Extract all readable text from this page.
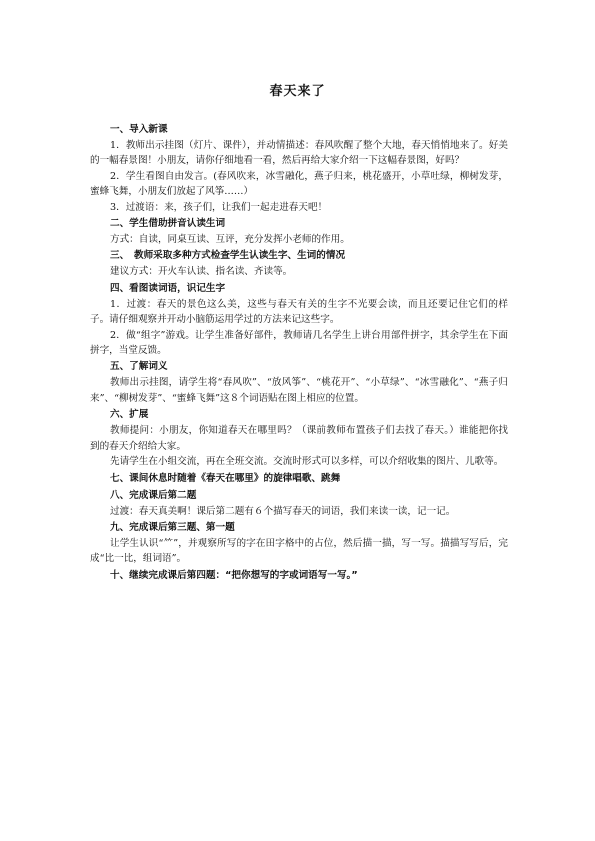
春天来了
一、导入新课
1．教师出示挂图（灯片、课件），并动情描述：春风吹醒了整个大地，春天悄悄地来了。好美的一幅春景图！小朋友，请你仔细地看一看，然后再给大家介绍一下这幅春景图，好吗？
2．学生看图自由发言。(春风吹来，冰雪融化，燕子归来，桃花盛开，小草吐绿，柳树发芽，蜜蜂飞舞，小朋友们放起了风筝……）
3．过渡语：来，孩子们，让我们一起走进春天吧！
二、学生借助拼音认读生词
方式：自读，同桌互读、互评，充分发挥小老师的作用。
三、　教师采取多种方式检查学生认读生字、生词的情况
建议方式：开火车认读、指名读、齐读等。
四、看图读词语，识记生字
1．过渡：春天的景色这么美，这些与春天有关的生字不光要会读，而且还要记住它们的样子。请仔细观察并开动小脑筋运用学过的方法来记这些字。
2．做“组字”游戏。让学生准备好部件，教师请几名学生上讲台用部件拼字，其余学生在下面拼字，当堂反馈。
五、了解词义
教师出示挂图，请学生将“春风吹”、“放风筝”、“桃花开”、“小草绿”、“冰雪融化”、“燕子归来”、“柳树发芽”、“蜜蜂飞舞”这８个词语贴在图上相应的位置。
六、扩展
教师提问：小朋友，你知道春天在哪里吗？（课前教师布置孩子们去找了春天。）谁能把你找到的春天介绍给大家。
先请学生在小组交流，再在全班交流。交流时形式可以多样，可以介绍收集的图片、儿歌等。
七、课间休息时随着《春天在哪里》的旋律唱歌、跳舞
八、完成课后第二题
过渡：春天真美啊！课后第二题有６个描写春天的词语，我们来读一读，记一记。
九、完成课后第三题、第一题
让学生认识“⺮”，并观察所写的字在田字格中的占位，然后描一描，写一写。描描写写后，完成“比一比，组词语”。
十、继续完成课后第四题：“把你想写的字或词语写一写。”
